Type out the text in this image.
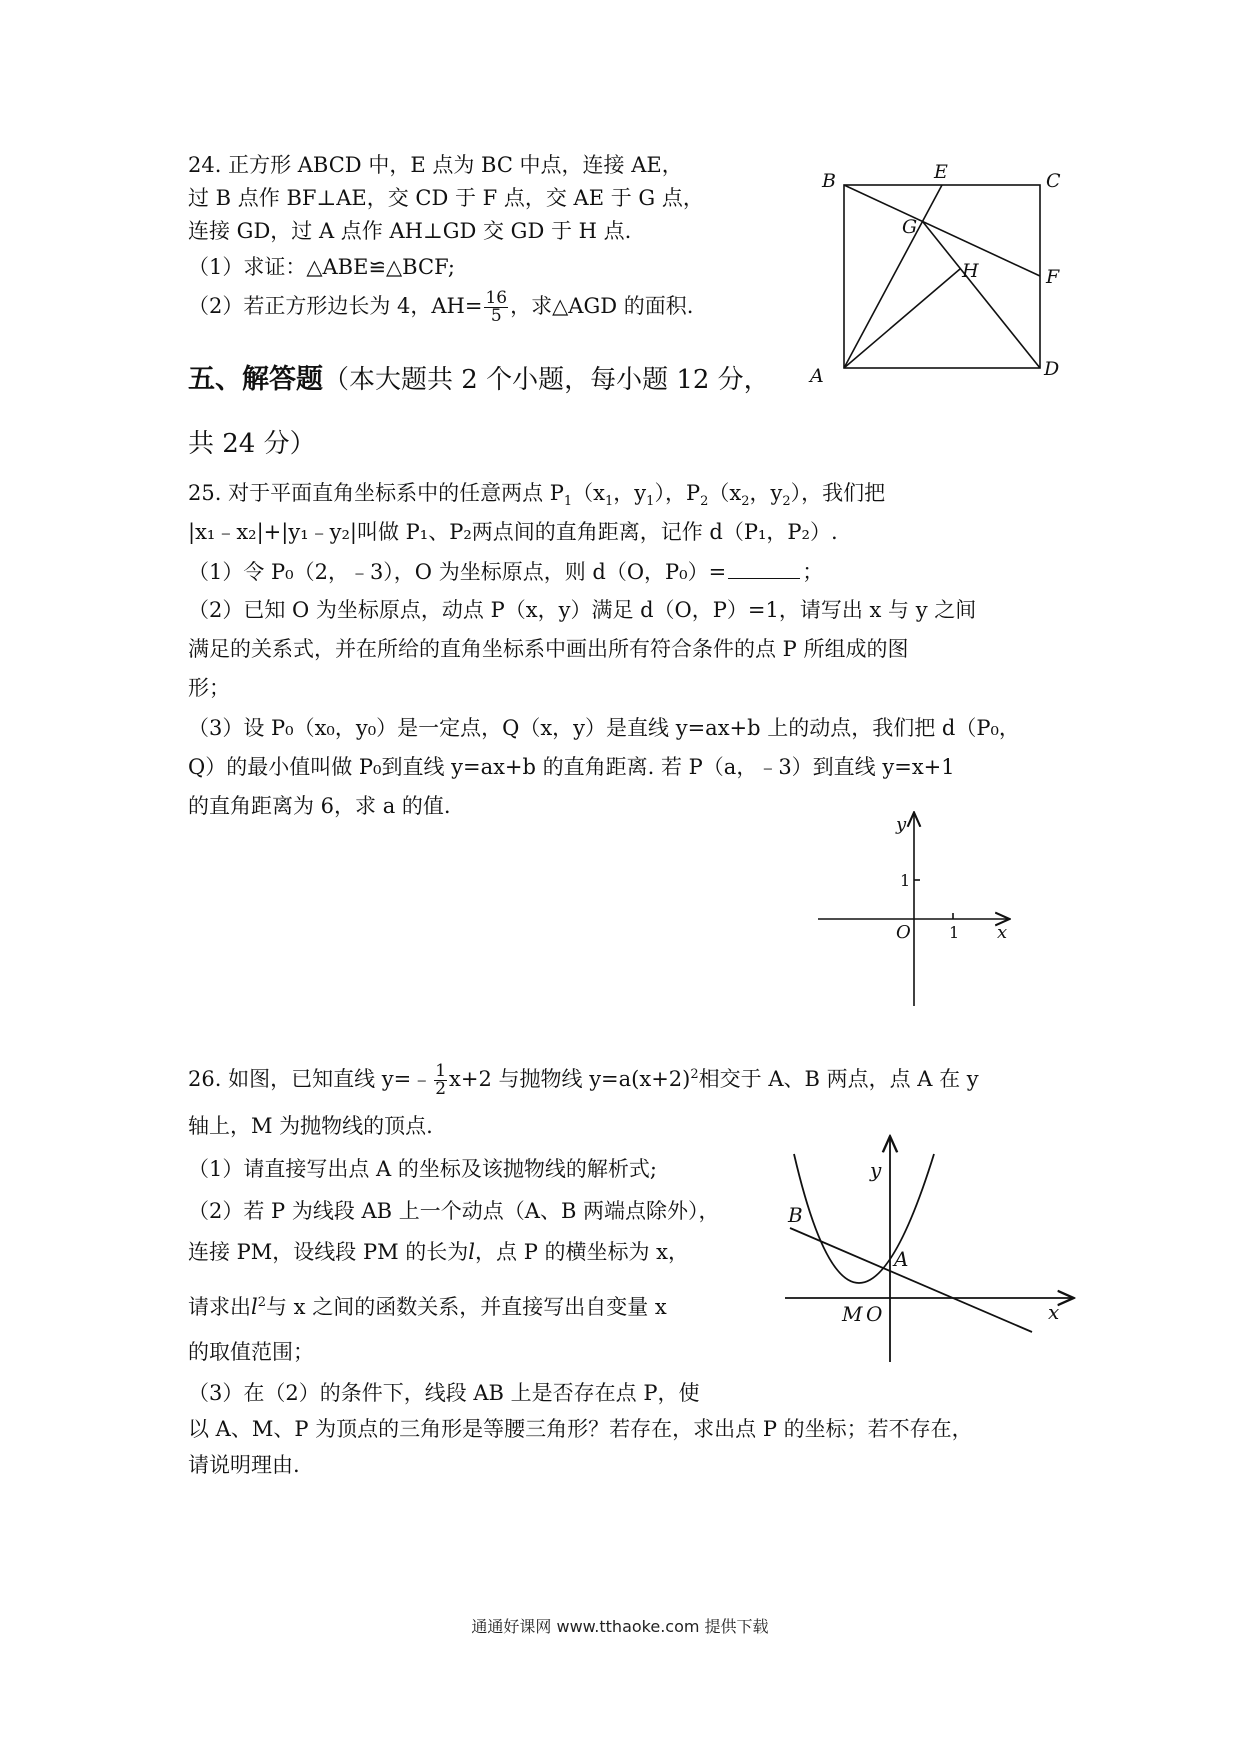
24. 正方形 ABCD 中，E 点为 BC 中点，连接 AE，
过 B 点作 BF⊥AE，交 CD 于 F 点，交 AE 于 G 点，
连接 GD，过 A 点作 AH⊥GD 交 GD 于 H 点.
（1）求证：△ABE≌△BCF;
（2）若正方形边长为 4，$AH= \frac{16}{5}$ ，求△AGD 的面积.
B	E	C
G
H	F
A	D
五、解答题（本大题共 2 个小题，每小题 12 分，
共 24 分）
25. 对于平面直角坐标系中的任意两点 $P_1(x_1$，$y_1$），$P_2(x_2$，$y_2$），我们把
|x₁﹣x₂|+|y₁﹣y₂|叫做 P₁、P₂两点间的直角距离，记作 d（P₁，P₂）.
（1）令 P₀（2，﹣3），O 为坐标原点，则 d（O，P₀）=	；
（2）已知 O 为坐标原点，动点 P（x，y）满足 d（O，P）=1，请写出 x 与 y 之间
满足的关系式，并在所给的直角坐标系中画出所有符合条件的点 P 所组成的图
形；
（3）设 P₀（x₀，y₀）是一定点，Q（x，y）是直线 y=ax+b 上的动点，我们把 d（P₀，
Q）的最小值叫做 P₀到直线 y=ax+b 的直角距离. 若 P（a，﹣3）到直线 y=x+1
的直角距离为 6，求 a 的值.
y
x
1
1
O
26. 如图，已知直线 y=﹣ $\frac{1}{2} x+2$ 与抛物线 $y=a(x+2)^2$相交于 A、B 两点，点 A 在 y
轴上，M 为抛物线的顶点.
（1）请直接写出点 A 的坐标及该抛物线的解析式;
（2）若 P 为线段 AB 上一个动点（A、B 两端点除外），
连接 PM，设线段 PM 的长为l，点 P 的横坐标为 x，
请求出$l^2$与 x 之间的函数关系，并直接写出自变量 x
的取值范围；
（3）在（2）的条件下，线段 AB 上是否存在点 P，使
以 A、M、P 为顶点的三角形是等腰三角形？若存在，求出点 P 的坐标；若不存在，
请说明理由.
y
x
B
A
M O
通通好课网 www.tthaoke.com 提供下载
